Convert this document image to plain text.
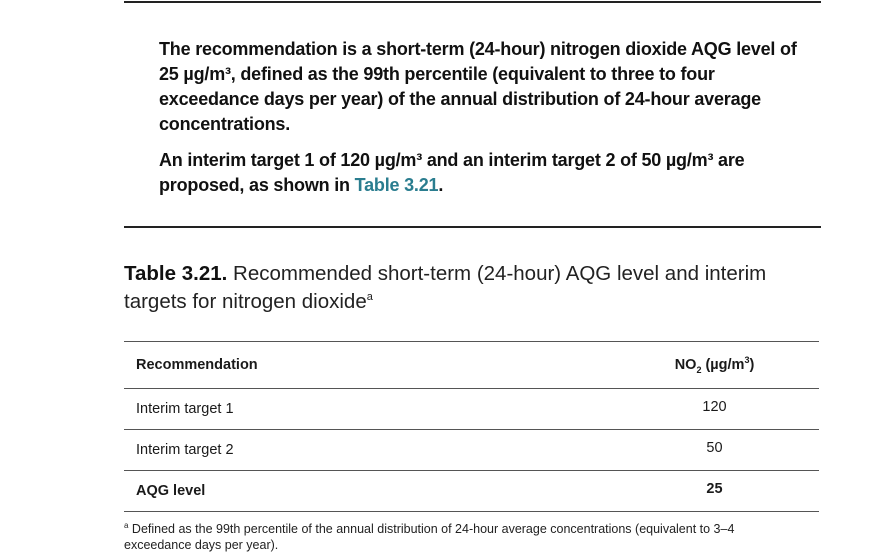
The recommendation is a short-term (24-hour) nitrogen dioxide AQG level of 25 µg/m³, defined as the 99th percentile (equivalent to three to four exceedance days per year) of the annual distribution of 24-hour average concentrations.

An interim target 1 of 120 µg/m³ and an interim target 2 of 50 µg/m³ are proposed, as shown in Table 3.21.

Table 3.21. Recommended short-term (24-hour) AQG level and interim targets for nitrogen dioxide$^a$

Recommendation	$NO_2$ $(\mu g/m^3)$
Interim target 1	120
Interim target 2	50
AQG level	25

$^a$ Defined as the 99th percentile of the annual distribution of 24-hour average concentrations (equivalent to 3–4 exceedance days per year).
